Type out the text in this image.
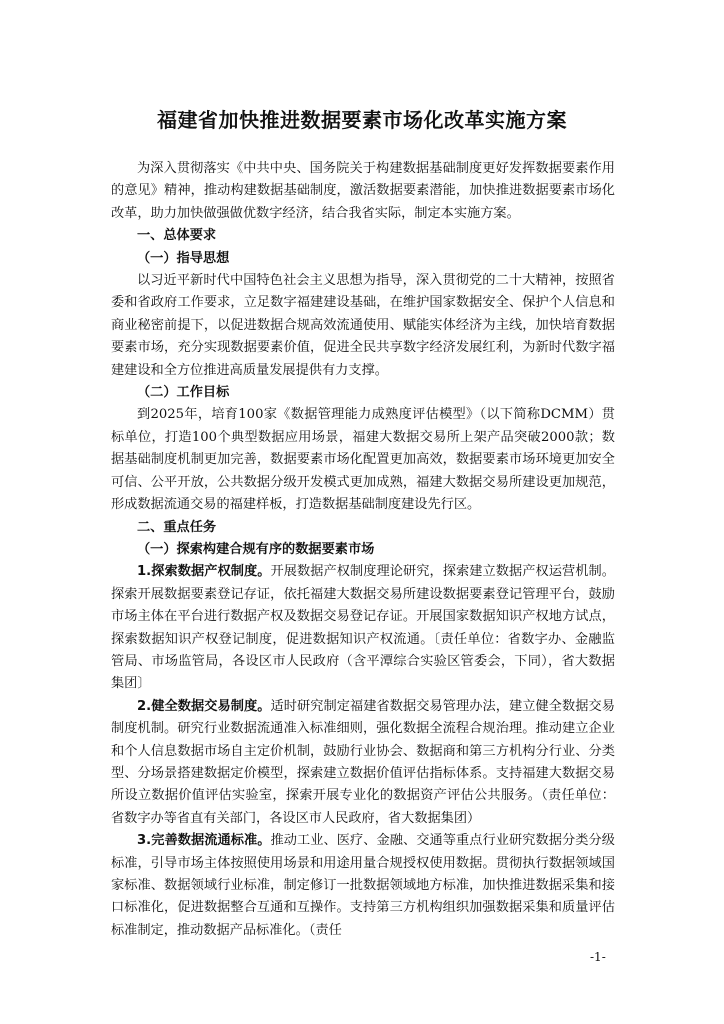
福建省加快推进数据要素市场化改革实施方案

为深入贯彻落实《中共中央、国务院关于构建数据基础制度更好发挥数据要素作用的意见》精神，推动构建数据基础制度，激活数据要素潜能，加快推进数据要素市场化改革，助力加快做强做优数字经济，结合我省实际，制定本实施方案。

一、总体要求

（一）指导思想

以习近平新时代中国特色社会主义思想为指导，深入贯彻党的二十大精神，按照省委和省政府工作要求，立足数字福建建设基础，在维护国家数据安全、保护个人信息和商业秘密前提下，以促进数据合规高效流通使用、赋能实体经济为主线，加快培育数据要素市场，充分实现数据要素价值，促进全民共享数字经济发展红利，为新时代数字福建建设和全方位推进高质量发展提供有力支撑。

（二）工作目标

到2025年，培育100家《数据管理能力成熟度评估模型》（以下简称DCMM）贯标单位，打造100个典型数据应用场景，福建大数据交易所上架产品突破2000款；数据基础制度机制更加完善，数据要素市场化配置更加高效，数据要素市场环境更加安全可信、公平开放，公共数据分级开发模式更加成熟，福建大数据交易所建设更加规范，形成数据流通交易的福建样板，打造数据基础制度建设先行区。

二、重点任务

（一）探索构建合规有序的数据要素市场

1.探索数据产权制度。开展数据产权制度理论研究，探索建立数据产权运营机制。探索开展数据要素登记存证，依托福建大数据交易所建设数据要素登记管理平台，鼓励市场主体在平台进行数据产权及数据交易登记存证。开展国家数据知识产权地方试点，探索数据知识产权登记制度，促进数据知识产权流通。〔责任单位：省数字办、金融监管局、市场监管局，各设区市人民政府（含平潭综合实验区管委会，下同），省大数据集团〕

2.健全数据交易制度。适时研究制定福建省数据交易管理办法，建立健全数据交易制度机制。研究行业数据流通准入标准细则，强化数据全流程合规治理。推动建立企业和个人信息数据市场自主定价机制，鼓励行业协会、数据商和第三方机构分行业、分类型、分场景搭建数据定价模型，探索建立数据价值评估指标体系。支持福建大数据交易所设立数据价值评估实验室，探索开展专业化的数据资产评估公共服务。（责任单位：省数字办等省直有关部门，各设区市人民政府，省大数据集团）

3.完善数据流通标准。推动工业、医疗、金融、交通等重点行业研究数据分类分级标准，引导市场主体按照使用场景和用途用量合规授权使用数据。贯彻执行数据领域国家标准、数据领域行业标准，制定修订一批数据领域地方标准，加快推进数据采集和接口标准化，促进数据整合互通和互操作。支持第三方机构组织加强数据采集和质量评估标准制定，推动数据产品标准化。（责任

-1-
